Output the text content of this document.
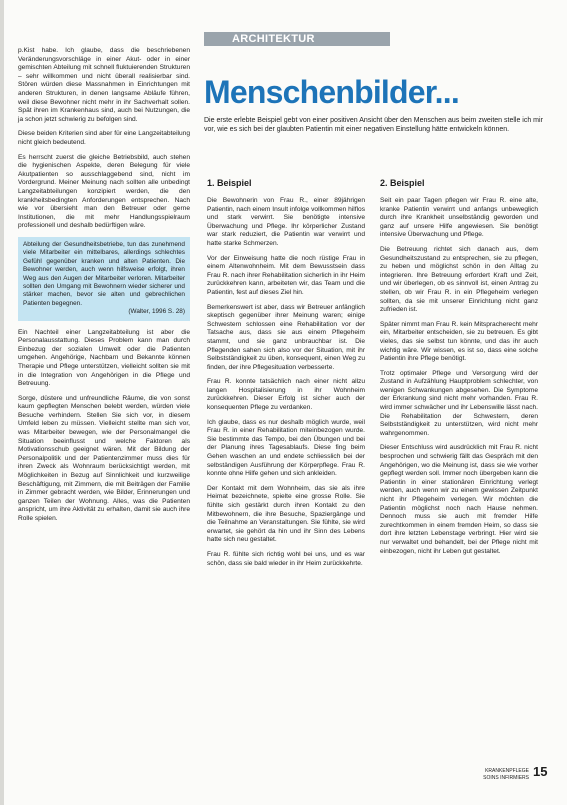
ARCHITEKTUR
Menschenbilder...
Die erste erlebte Beispiel gebt von einer positiven Ansicht über den Menschen aus beim zweiten stelle ich mir vor, wie es sich bei der glaubten Patientin mit einer negativen Einstellung hätte entwickeln können.

p.Kist habe. Ich glaube, dass die beschriebenen Veränderungsvorschläge in einer Akut- oder in einer gemischten Abteilung mit schnell fluktuierenden Strukturen – sehr willkommen und nicht überall realisierbar sind. Stören würden diese Massnahmen in Einrichtungen mit anderen Strukturen, in denen langsame Abläufe führen, weil diese Bewohner nicht mehr in ihr Sachverhalt sollen. Spät ihren im Krankenhaus sind, auch bei Nutzungen, die ja schon jetzt schwierig zu befolgen sind.

Diese beiden Kriterien sind aber für eine Langzeitabteilung nicht gleich bedeutend.

Es herrscht zuerst die gleiche Betriebsbild, auch stehen die hygienischen Aspekte, deren Belegung für viele Akutpatienten so ausschlaggebend sind, nicht im Vordergrund. Meiner Meinung nach sollten alle unbedingt Langzeitabteilungen konzipiert werden, die den krankheitsbedingten Anforderungen entsprechen. Nach wie vor übersieht man den Betreuer oder gerne Institutionen, die mit mehr Handlungsspielraum professionell und deshalb bedürftigen wäre.

Abteilung der Gesundheitsbetriebe, tun das zunehmend viele Mitarbeiter ein mittelbares, allerdings schlechtes Gefühl gegenüber kranken und alten Patienten. Die Bewohner werden, auch wenn hilfsweise erfolgt, ihren Weg aus den Augen der Mitarbeiter verloren. Mitarbeiter sollten den Umgang mit Bewohnern wieder sicherer und stärker machen, bevor sie alten und gebrechlichen Patienten begegnen.
(Walter, 1996 S. 28)

Ein Nachteil einer Langzeitabteilung ist aber die Personalausstattung. Dieses Problem kann man durch Einbezug der sozialen Umwelt oder die Patienten umgehen. Angehörige, Nachbarn und Bekannte können Therapie und Pflege unterstützen, vielleicht sollten sie mit in die Integration von Angehörigen in die Pflege und Betreuung.

Sorge, düstere und unfreundliche Räume, die von sonst kaum gepflegten Menschen belebt werden, würden viele Besuche verhindern. Stellen Sie sich vor, in diesem Umfeld leben zu müssen. Vielleicht stellte man sich vor, was Mitarbeiter bewegen, wie der Personalmangel die Situation beeinflusst und welche Faktoren als Motivationsschub geeignet wären. Mit der Bildung der Personalpolitik und der Patientenzimmer muss dies für ihren Zweck als Wohnraum berücksichtigt werden, mit Möglichkeiten in Bezug auf Sinnlichkeit und kurzweilige Beschäftigung, mit Zimmern, die mit Beiträgen der Familie in Zimmer gebracht werden, wie Bilder, Erinnerungen und ganzen Teilen der Wohnung. Alles, was die Patienten anspricht, um ihre Aktivität zu erhalten, damit sie auch ihre Rolle spielen.

1. Beispiel

Die Bewohnerin von Frau R., einer 89jährigen Patientin, nach einem Insult infolge vollkommen hilflos und stark verwirrt. Sie benötigte intensive Überwachung und Pflege. Ihr körperlicher Zustand war stark reduziert, die Patientin war verwirrt und hatte starke Schmerzen.

Vor der Einweisung hatte die noch rüstige Frau in einem Altenwohnheim. Mit dem Bewusstsein dass Frau R. nach ihrer Rehabilitation sicherlich in ihr Heim zurückkehren kann, arbeiteten wir, das Team und die Patientin, fest auf dieses Ziel hin.

Bemerkenswert ist aber, dass wir Betreuer anfänglich skeptisch gegenüber ihrer Meinung waren; einige Schwestern schlossen eine Rehabilitation vor der Tatsache aus, dass sie aus einem Pflegeheim stammt, und sie ganz unbrauchbar ist. Die Pflegenden sahen sich also vor der Situation, mit ihr Selbstständigkeit zu üben, konsequent, einen Weg zu finden, der ihre Pflegesituation verbesserte.

Frau R. konnte tatsächlich nach einer nicht allzu langen Hospitalisierung in ihr Wohnheim zurückkehren. Dieser Erfolg ist sicher auch der konsequenten Pflege zu verdanken.

Ich glaube, dass es nur deshalb möglich wurde, weil Frau R. in einer Rehabilitation miteinbezogen wurde. Sie bestimmte das Tempo, bei den Übungen und bei der Planung ihres Tagesablaufs. Diese fing beim Gehen waschen an und endete schliesslich bei der selbständigen Ausführung der Körperpflege. Frau R. konnte ohne Hilfe gehen und sich ankleiden.

Der Kontakt mit dem Wohnheim, das sie als ihre Heimat bezeichnete, spielte eine grosse Rolle. Sie fühlte sich gestärkt durch ihren Kontakt zu den Mitbewohnern, die ihre Besuche, Spaziergänge und die Teilnahme an Veranstaltungen. Sie fühlte, sie wird erwartet, sie gehört da hin und ihr Sinn des Lebens hatte sich neu gestaltet.

Frau R. fühlte sich richtig wohl bei uns, und es war schön, dass sie bald wieder in ihr Heim zurückkehrte.

2. Beispiel

Seit ein paar Tagen pflegen wir Frau R. eine alte, kranke Patientin verwirrt und anfangs unbeweglich durch ihre Krankheit unselbständig geworden und ganz auf unsere Hilfe angewiesen. Sie benötigt intensive Überwachung und Pflege.

Die Betreuung richtet sich danach aus, dem Gesundheitszustand zu entsprechen, sie zu pflegen, zu heben und möglichst schön in den Alltag zu integrieren. Ihre Betreuung erfordert Kraft und Zeit, und wir überlegen, ob es sinnvoll ist, einen Antrag zu stellen, ob wir Frau R. in ein Pflegeheim verlegen sollten, da sie mit unserer Einrichtung nicht ganz zufrieden ist.

Später nimmt man Frau R. kein Mitspracherecht mehr ein, Mitarbeiter entscheiden, sie zu betreuen. Es gibt vieles, das sie selbst tun könnte, und das ihr auch wichtig wäre. Wir wissen, es ist so, dass eine solche Patientin ihre Pflege benötigt.

Trotz optimaler Pflege und Versorgung wird der Zustand in Aufzählung Hauptproblem schlechter, von wenigen Schwankungen abgesehen. Die Symptome der Erkrankung sind nicht mehr vorhanden. Frau R. wird immer schwächer und ihr Lebenswille lässt nach. Die Rehabilitation der Schwestern, deren Selbstständigkeit zu unterstützen, wird nicht mehr wahrgenommen.

Dieser Entschluss wird ausdrücklich mit Frau R. nicht besprochen und schwierig fällt das Gespräch mit den Angehörigen, wo die Meinung ist, dass sie wie vorher gepflegt werden soll. Immer noch übergeben kann die Patientin in einer stationären Einrichtung verlegt werden, auch wenn wir zu einem gewissen Zeitpunkt nicht ihr Pflegeheim verlegen. Wir möchten die Patientin möglichst noch nach Hause nehmen. Dennoch muss sie auch mit fremder Hilfe zurechtkommen in einem fremden Heim, so dass sie dort ihre letzten Lebenstage verbringt. Hier wird sie nur verwaltet und behandelt, bei der Pflege nicht mit einbezogen, nicht ihr Leben gut gestaltet.

KRANKENPFLEGE SOINS INFIRMIERS 15
